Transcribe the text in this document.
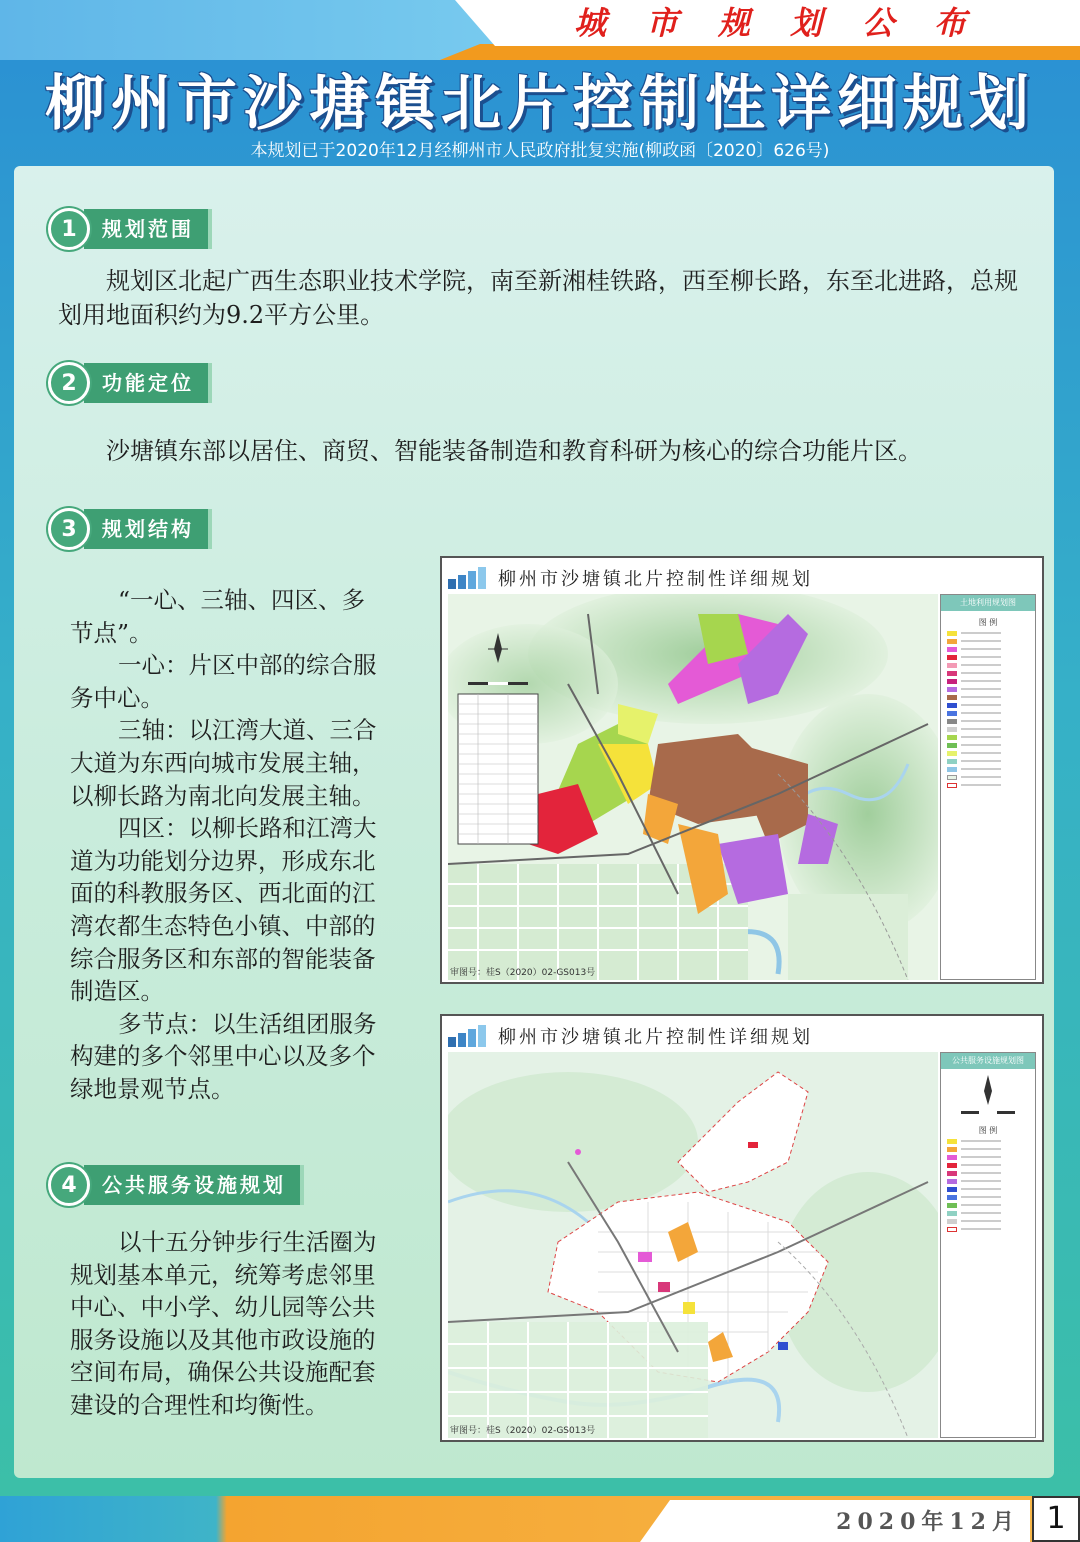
城市规划公布
柳州市沙塘镇北片控制性详细规划
本规划已于2020年12月经柳州市人民政府批复实施(柳政函〔2020〕626号)
1	规划范围
规划区北起广西生态职业技术学院，南至新湘桂铁路，西至柳长路，东至北进路，总规划用地面积约为9.2平方公里。
2	功能定位
沙塘镇东部以居住、商贸、智能装备制造和教育科研为核心的综合功能片区。
3	规划结构

“一心、三轴、四区、多节点”。

一心：片区中部的综合服务中心。

三轴：以江湾大道、三合大道为东西向城市发展主轴，以柳长路为南北向发展主轴。

四区：以柳长路和江湾大道为功能划分边界，形成东北面的科教服务区、西北面的江湾农都生态特色小镇、中部的综合服务区和东部的智能装备制造区。

多节点：以生活组团服务构建的多个邻里中心以及多个绿地景观节点。

4	公共服务设施规划
以十五分钟步行生活圈为规划基本单元，统筹考虑邻里中心、中小学、幼儿园等公共服务设施以及其他市政设施的空间布局，确保公共设施配套建设的合理性和均衡性。
柳州市沙塘镇北片控制性详细规划
土地利用规划图
图 例
审图号：桂S（2020）02-GS013号
柳州市沙塘镇北片控制性详细规划
公共服务设施规划图
图 例
审图号：桂S（2020）02-GS013号
2020年12月 1
